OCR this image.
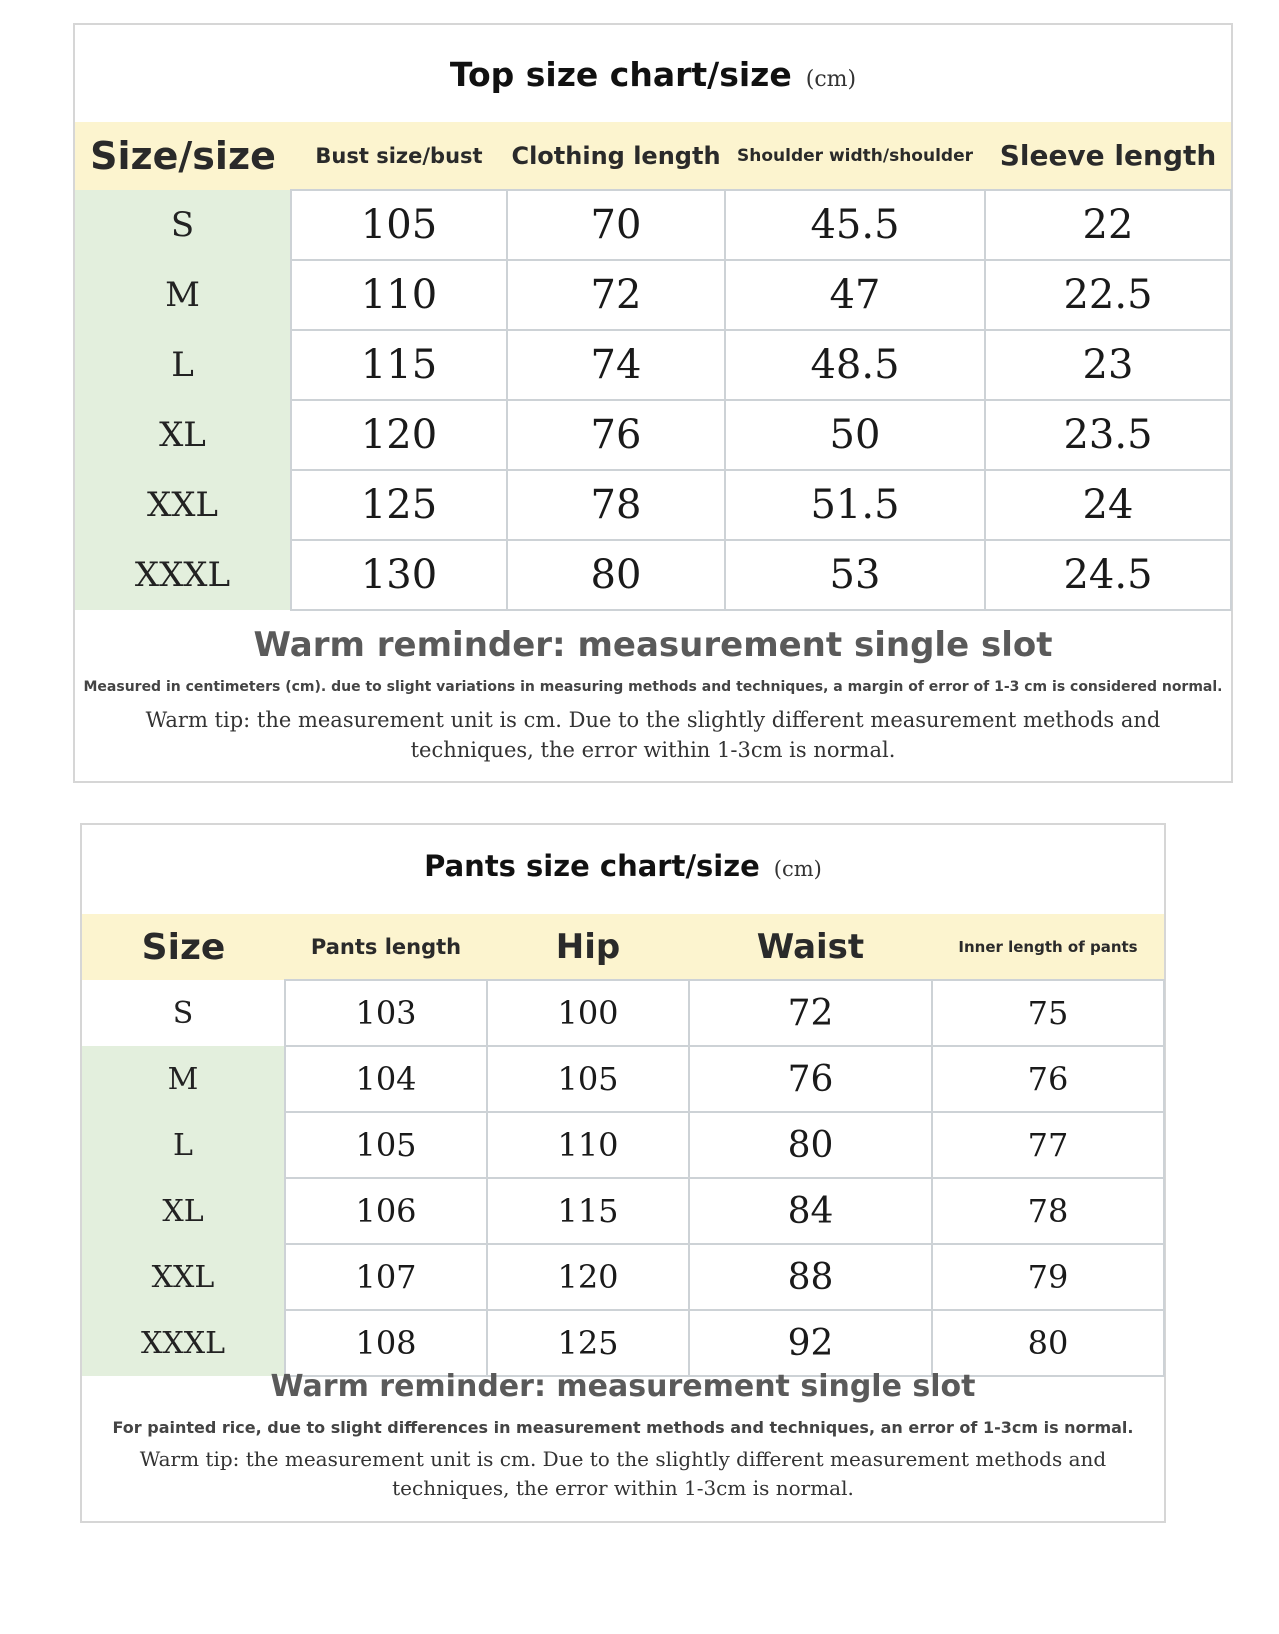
Top size chart/size (cm)
Size/size	Bust size/bust	Clothing length	Shoulder width/shoulder	Sleeve length
S	105	70	45.5	22
M	110	72	47	22.5
L	115	74	48.5	23
XL	120	76	50	23.5
XXL	125	78	51.5	24
XXXL	130	80	53	24.5
Warm reminder: measurement single slot
Measured in centimeters (cm). due to slight variations in measuring methods and techniques, a margin of error of 1-3 cm is considered normal.
Warm tip: the measurement unit is cm. Due to the slightly different measurement methods and techniques, the error within 1-3cm is normal.
Pants size chart/size (cm)
Size	Pants length	Hip	Waist	Inner length of pants
S	103	100	72	75
M	104	105	76	76
L	105	110	80	77
XL	106	115	84	78
XXL	107	120	88	79
XXXL	108	125	92	80
Warm reminder: measurement single slot
For painted rice, due to slight differences in measurement methods and techniques, an error of 1-3cm is normal.
Warm tip: the measurement unit is cm. Due to the slightly different measurement methods and techniques, the error within 1-3cm is normal.
